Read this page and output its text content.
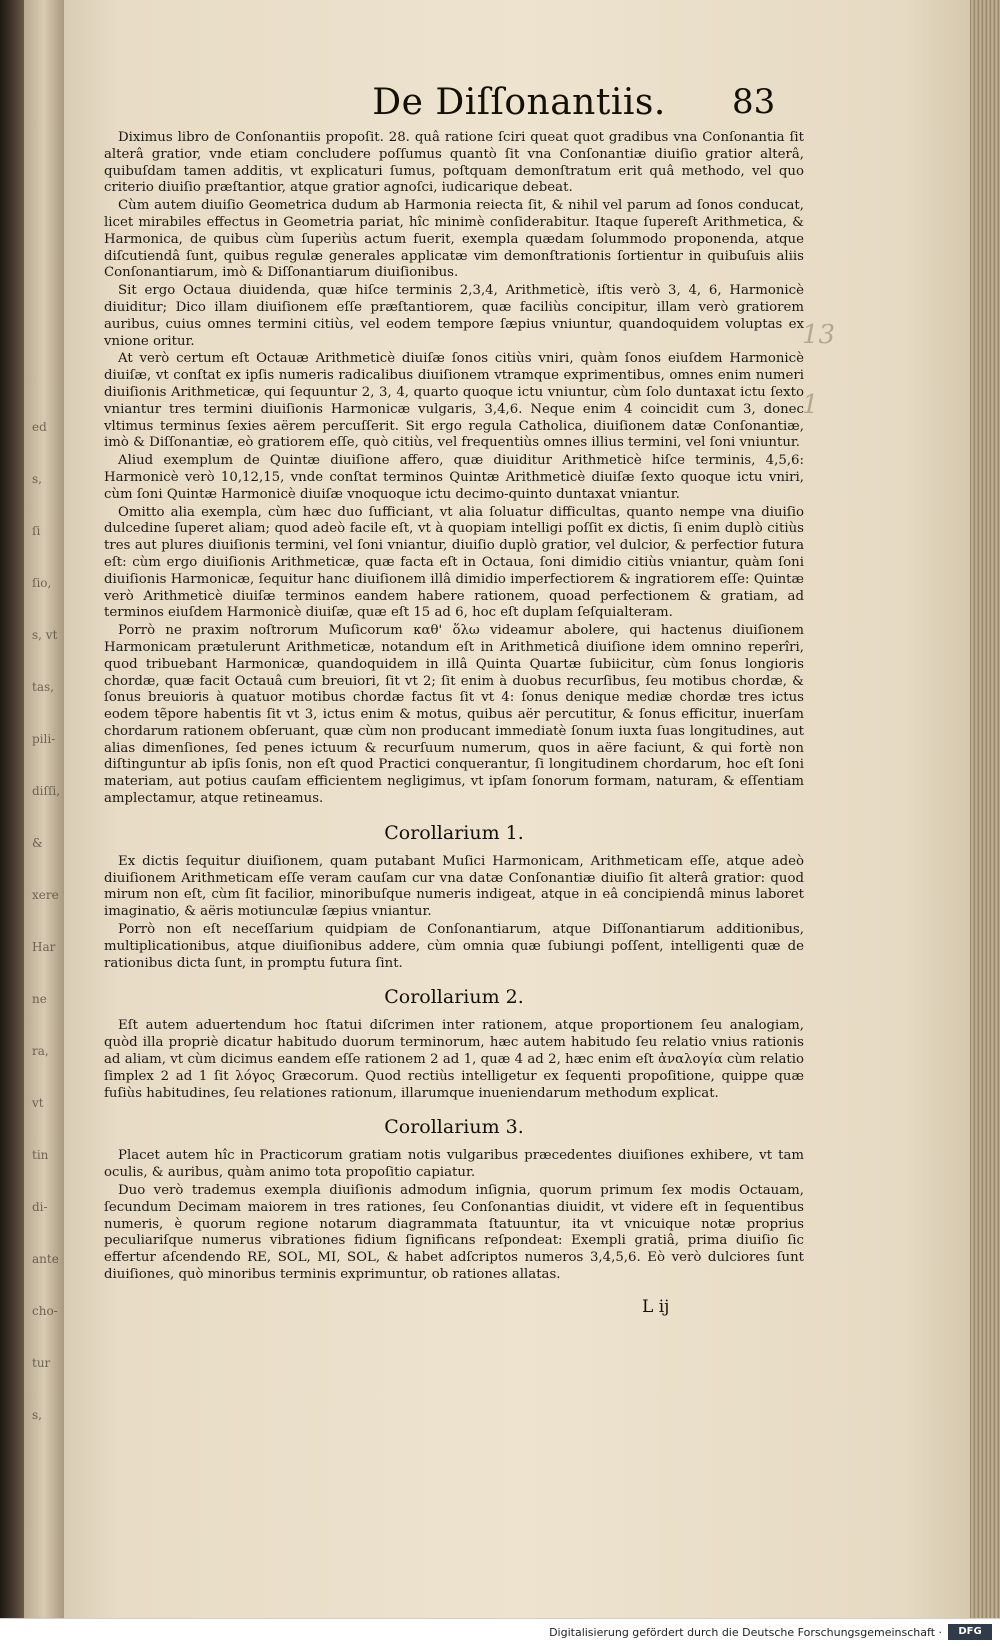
ed
s,
ſi
ſio,
s, vt
tas,
pili-
diſſi,
&
xere
Har
ne
ra,
vt
tin
di-
ante
cho-
tur
s,
De Diſſonantiis.	83

Diximus libro de Conſonantiis propoſit. 28. quâ ratione ſciri queat quot gradibus vna Conſonantia ſit alterâ gratior, vnde etiam concludere poſſumus quantò ſit vna Conſonantiæ diuiſio gratior alterâ, quibuſdam tamen additis, vt explicaturi ſumus, poſtquam demonſtratum erit quâ methodo, vel quo criterio diuiſio præſtantior, atque gratior agnoſci, iudicarique debeat.

Cùm autem diuiſio Geometrica dudum ab Harmonia reiecta ſit, & nihil vel parum ad ſonos conducat, licet mirabiles effectus in Geometria pariat, hîc minimè conſiderabitur. Itaque ſupereſt Arithmetica, & Harmonica, de quibus cùm ſuperiùs actum fuerit, exempla quædam ſolummodo proponenda, atque diſcutiendâ ſunt, quibus regulæ generales applicatæ vim demonſtrationis ſortientur in quibuſuis aliis Conſonantiarum, imò & Diſſonantiarum diuiſionibus.

Sit ergo Octaua diuidenda, quæ hiſce terminis 2,3,4, Arithmeticè, iſtis verò 3, 4, 6, Harmonicè diuiditur; Dico illam diuiſionem eſſe præſtantiorem, quæ faciliùs concipitur, illam verò gratiorem auribus, cuius omnes termini citiùs, vel eodem tempore ſæpius vniuntur, quandoquidem voluptas ex vnione oritur.

At verò certum eſt Octauæ Arithmeticè diuiſæ ſonos citiùs vniri, quàm ſonos eiuſdem Harmonicè diuiſæ, vt conſtat ex ipſis numeris radicalibus diuiſionem vtramque exprimentibus, omnes enim numeri diuiſionis Arithmeticæ, qui ſequuntur 2, 3, 4, quarto quoque ictu vniuntur, cùm ſolo duntaxat ictu ſexto vniantur tres termini diuiſionis Harmonicæ vulgaris, 3,4,6. Neque enim 4 coincidit cum 3, donec vltimus terminus ſexies aërem percuſſerit. Sit ergo regula Catholica, diuiſionem datæ Conſonantiæ, imò & Diſſonantiæ, eò gratiorem eſſe, quò citiùs, vel frequentiùs omnes illius termini, vel ſoni vniuntur.

Aliud exemplum de Quintæ diuiſione affero, quæ diuiditur Arithmeticè hiſce terminis, 4,5,6: Harmonicè verò 10,12,15, vnde conſtat terminos Quintæ Arithmeticè diuiſæ ſexto quoque ictu vniri, cùm ſoni Quintæ Harmonicè diuiſæ vnoquoque ictu decimo-quinto duntaxat vniantur.

Omitto alia exempla, cùm hæc duo ſufficiant, vt alia ſoluatur difficultas, quanto nempe vna diuiſio dulcedine ſuperet aliam; quod adeò facile eſt, vt à quopiam intelligi poſſit ex dictis, ſi enim duplò citiùs tres aut plures diuiſionis termini, vel ſoni vniantur, diuiſio duplò gratior, vel dulcior, & perfectior futura eſt: cùm ergo diuiſionis Arithmeticæ, quæ facta eſt in Octaua, ſoni dimidio citiùs vniantur, quàm ſoni diuiſionis Harmonicæ, ſequitur hanc diuiſionem illâ dimidio imperfectiorem & ingratiorem eſſe: Quintæ verò Arithmeticè diuiſæ terminos eandem habere rationem, quoad perfectionem & gratiam, ad terminos eiuſdem Harmonicè diuiſæ, quæ eſt 15 ad 6, hoc eſt duplam ſeſquialteram.

Porrò ne praxim noſtrorum Muſicorum καθ' ὅλω videamur abolere, qui hactenus diuiſionem Harmonicam prætulerunt Arithmeticæ, notandum eſt in Arithmeticâ diuiſione idem omnino reperîri, quod tribuebant Harmonicæ, quandoquidem in illâ Quinta Quartæ ſubiicitur, cùm ſonus longioris chordæ, quæ facit Octauâ cum breuiori, ſit vt 2; ſit enim à duobus recurſibus, ſeu motibus chordæ, & ſonus breuioris à quatuor motibus chordæ factus ſit vt 4: ſonus denique mediæ chordæ tres ictus eodem tẽpore habentis ſit vt 3, ictus enim & motus, quibus aër percutitur, & ſonus efficitur, inuerſam chordarum rationem obſeruant, quæ cùm non producant immediatè ſonum iuxta ſuas longitudines, aut alias dimenſiones, ſed penes ictuum & recurſuum numerum, quos in aëre faciunt, & qui fortè non diſtinguntur ab ipſis ſonis, non eſt quod Practici conquerantur, ſi longitudinem chordarum, hoc eſt ſoni materiam, aut potius cauſam efficientem negligimus, vt ipſam ſonorum formam, naturam, & eſſentiam amplectamur, atque retineamus.

Corollarium 1.

Ex dictis ſequitur diuiſionem, quam putabant Muſici Harmonicam, Arithmeticam eſſe, atque adeò diuiſionem Arithmeticam eſſe veram cauſam cur vna datæ Conſonantiæ diuiſio ſit alterâ gratior: quod mirum non eſt, cùm ſit facilior, minoribuſque numeris indigeat, atque in eâ concipiendâ minus laboret imaginatio, & aëris motiunculæ ſæpius vniantur.

Porrò non eſt neceſſarium quidpiam de Conſonantiarum, atque Diſſonantiarum additionibus, multiplicationibus, atque diuiſionibus addere, cùm omnia quæ ſubiungi poſſent, intelligenti quæ de rationibus dicta ſunt, in promptu futura ſint.

Corollarium 2.

Eſt autem aduertendum hoc ſtatui diſcrimen inter rationem, atque proportionem ſeu analogiam, quòd illa propriè dicatur habitudo duorum terminorum, hæc autem habitudo ſeu relatio vnius rationis ad aliam, vt cùm dicimus eandem eſſe rationem 2 ad 1, quæ 4 ad 2, hæc enim eſt ἀναλογία cùm relatio ſimplex 2 ad 1 ſit λόγος Græcorum. Quod rectiùs intelligetur ex ſequenti propoſitione, quippe quæ fuſiùs habitudines, ſeu relationes rationum, illarumque inueniendarum methodum explicat.

Corollarium 3.

Placet autem hîc in Practicorum gratiam notis vulgaribus præcedentes diuiſiones exhibere, vt tam oculis, & auribus, quàm animo tota propoſitio capiatur.

Duo verò trademus exempla diuiſionis admodum inſignia, quorum primum ſex modis Octauam, ſecundum Decimam maiorem in tres rationes, ſeu Conſonantias diuidit, vt videre eſt in ſequentibus numeris, è quorum regione notarum diagrammata ſtatuuntur, ita vt vnicuique notæ proprius peculiariſque numerus vibrationes fidium ſignificans reſpondeat: Exempli gratiâ, prima diuiſio ſic effertur aſcendendo RE, SOL, MI, SOL, & habet adſcriptos numeros 3,4,5,6. Eò verò dulciores ſunt diuiſiones, quò minoribus terminis exprimuntur, ob rationes allatas.

13
1
L ij
Digitalisierung gefördert durch die Deutsche Forschungsgemeinschaft ·	DFG
